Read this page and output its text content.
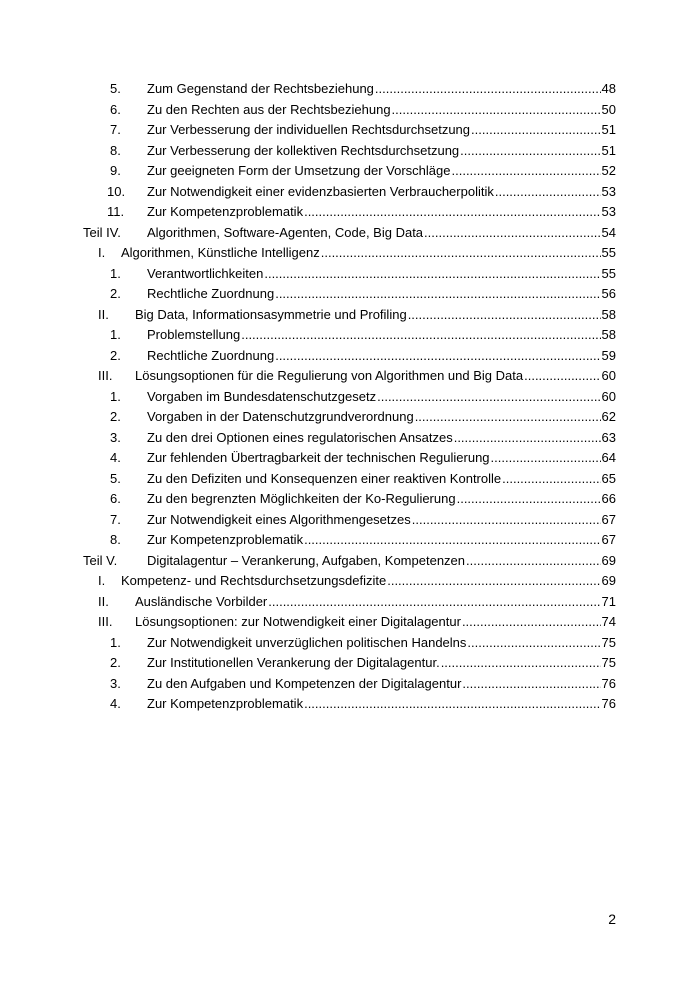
5. Zum Gegenstand der Rechtsbeziehung .....	48
6. Zu den Rechten aus der Rechtsbeziehung .....	50
7. Zur Verbesserung der individuellen Rechtsdurchsetzung .....	51
8. Zur Verbesserung der kollektiven Rechtsdurchsetzung .....	51
9. Zur geeigneten Form der Umsetzung der Vorschläge .....	52
10. Zur Notwendigkeit einer evidenzbasierten Verbraucherpolitik .....	53
11. Zur Kompetenzproblematik .....	53
Teil IV. Algorithmen, Software-Agenten, Code, Big Data .....	54
I. Algorithmen, Künstliche Intelligenz .....	55
1. Verantwortlichkeiten .....	55
2. Rechtliche Zuordnung .....	56
II. Big Data, Informationsasymmetrie und Profiling .....	58
1. Problemstellung .....	58
2. Rechtliche Zuordnung .....	59
III. Lösungsoptionen für die Regulierung von Algorithmen und Big Data .....	60
1. Vorgaben im Bundesdatenschutzgesetz .....	60
2. Vorgaben in der Datenschutzgrundverordnung .....	62
3. Zu den drei Optionen eines regulatorischen Ansatzes .....	63
4. Zur fehlenden Übertragbarkeit der technischen Regulierung .....	64
5. Zu den Defiziten und Konsequenzen einer reaktiven Kontrolle .....	65
6. Zu den begrenzten Möglichkeiten der Ko-Regulierung .....	66
7. Zur Notwendigkeit eines Algorithmengesetzes .....	67
8. Zur Kompetenzproblematik .....	67
Teil V. Digitalagentur – Verankerung, Aufgaben, Kompetenzen .....	69
I. Kompetenz- und Rechtsdurchsetzungsdefizite .....	69
II. Ausländische Vorbilder .....	71
III. Lösungsoptionen: zur Notwendigkeit einer Digitalagentur .....	74
1. Zur Notwendigkeit unverzüglichen politischen Handelns .....	75
2. Zur Institutionellen Verankerung der Digitalagentur. .....	75
3. Zu den Aufgaben und Kompetenzen der Digitalagentur .....	76
4. Zur Kompetenzproblematik .....	76
2
